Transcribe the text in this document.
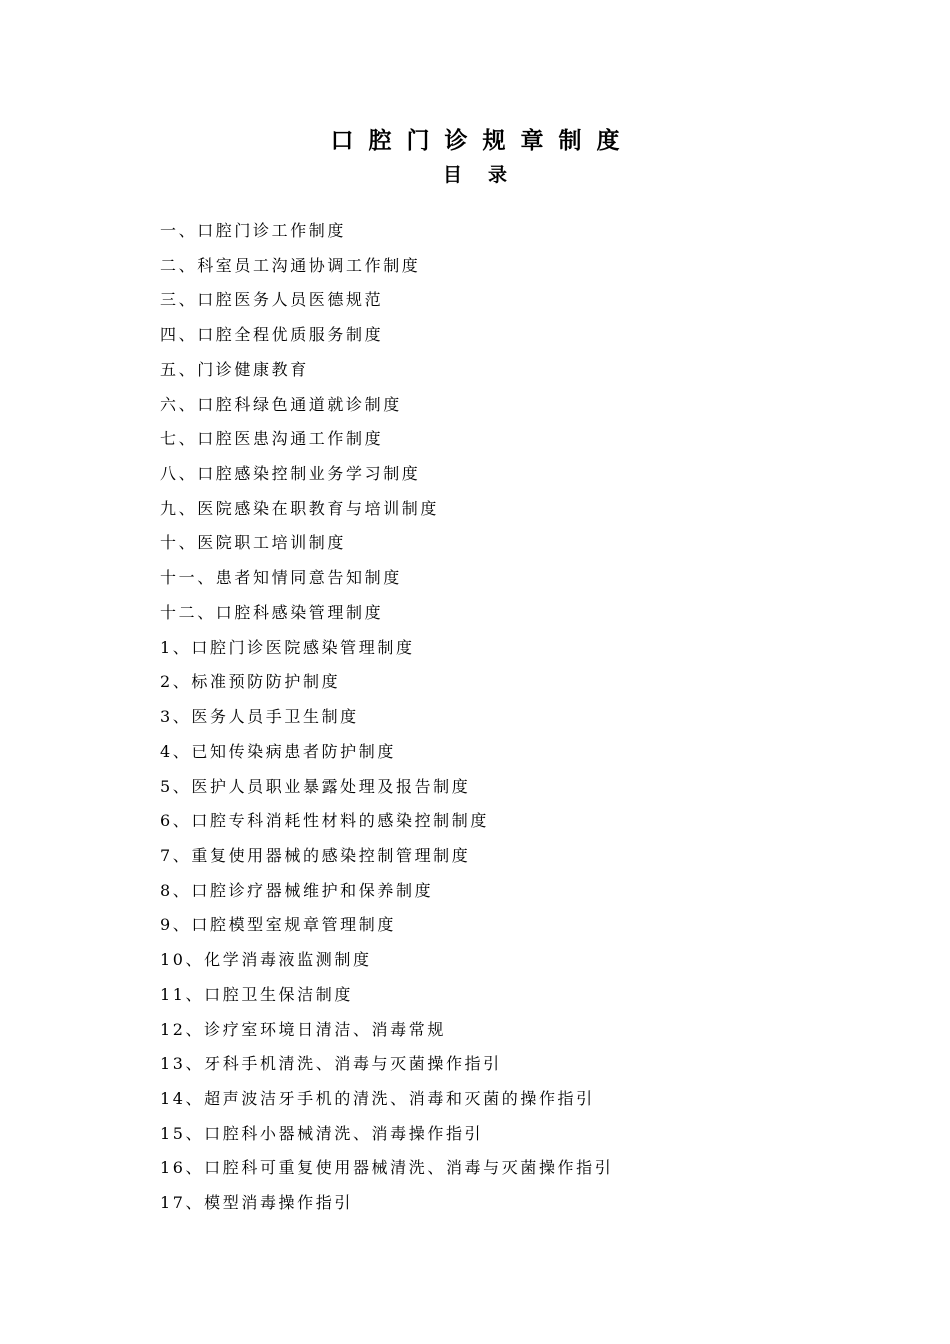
口腔门诊规章制度
目录
一、口腔门诊工作制度
二、科室员工沟通协调工作制度
三、口腔医务人员医德规范
四、口腔全程优质服务制度
五、门诊健康教育
六、口腔科绿色通道就诊制度
七、口腔医患沟通工作制度
八、口腔感染控制业务学习制度
九、医院感染在职教育与培训制度
十、医院职工培训制度
十一、患者知情同意告知制度
十二、口腔科感染管理制度
1、口腔门诊医院感染管理制度
2、标准预防防护制度
3、医务人员手卫生制度
4、已知传染病患者防护制度
5、医护人员职业暴露处理及报告制度
6、口腔专科消耗性材料的感染控制制度
7、重复使用器械的感染控制管理制度
8、口腔诊疗器械维护和保养制度
9、口腔模型室规章管理制度
10、化学消毒液监测制度
11、口腔卫生保洁制度
12、诊疗室环境日清洁、消毒常规
13、牙科手机清洗、消毒与灭菌操作指引
14、超声波洁牙手机的清洗、消毒和灭菌的操作指引
15、口腔科小器械清洗、消毒操作指引
16、口腔科可重复使用器械清洗、消毒与灭菌操作指引
17、模型消毒操作指引
